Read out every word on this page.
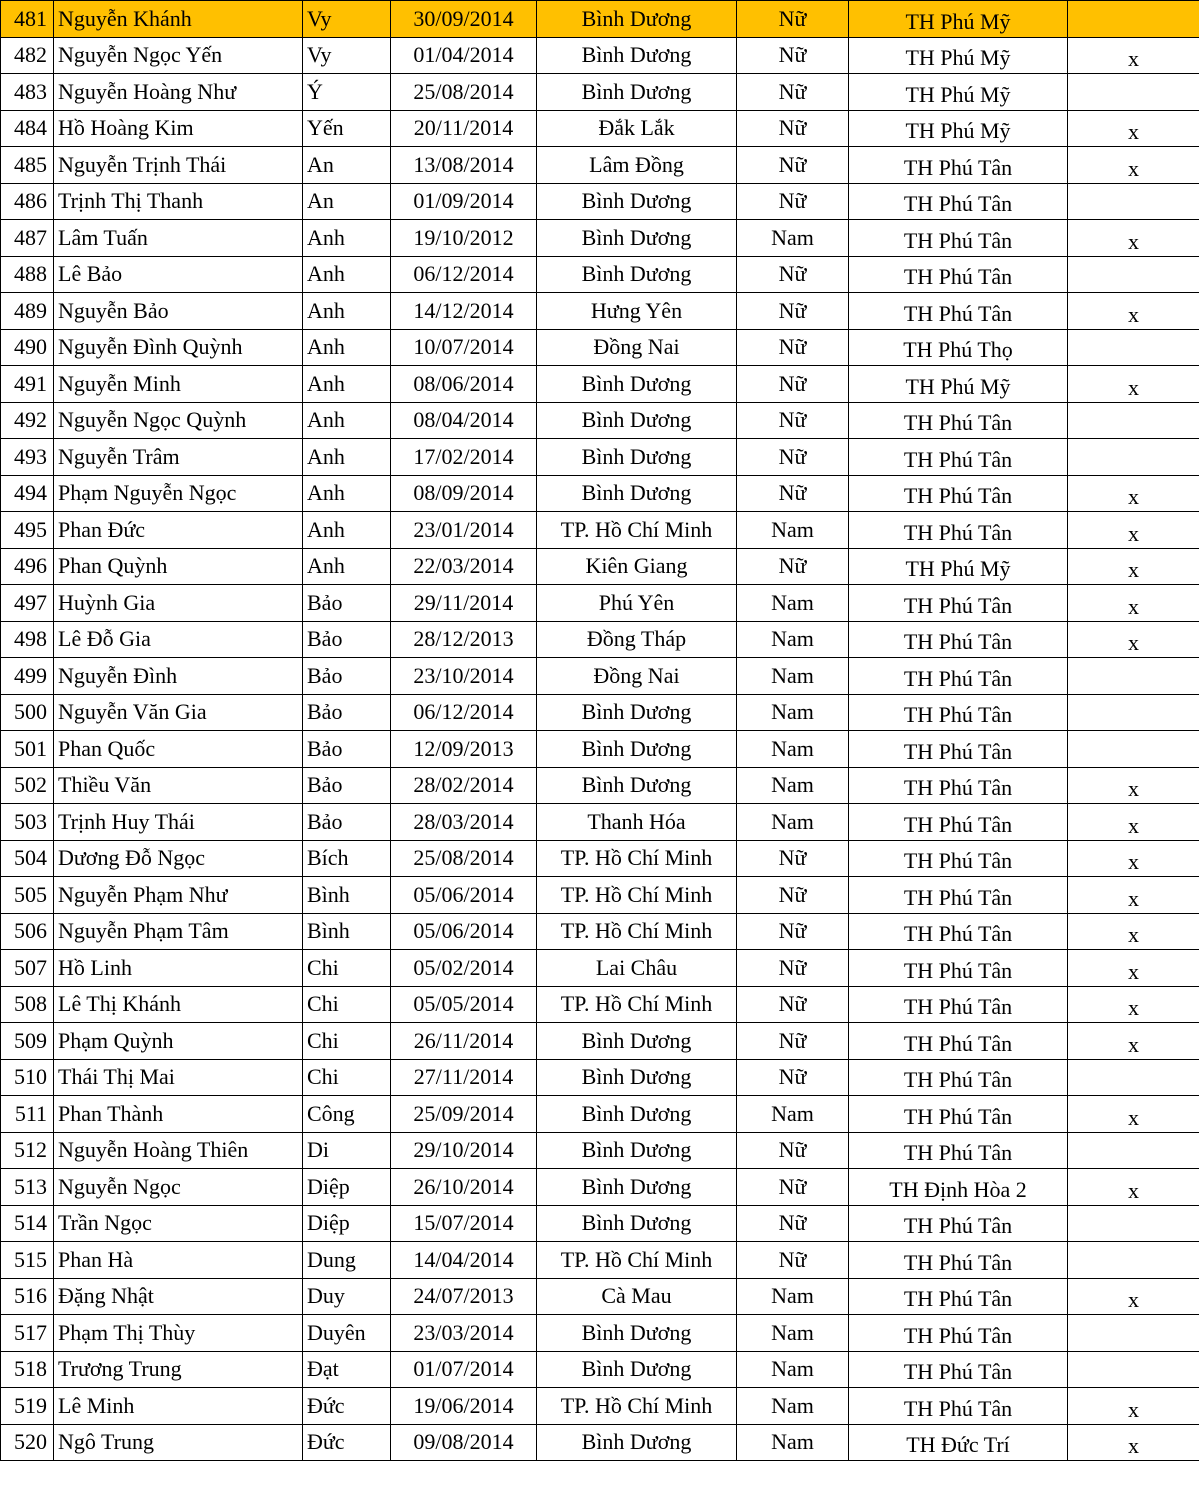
481	Nguyễn Khánh	Vy	30/09/2014	Bình Dương	Nữ	TH Phú Mỹ	
482	Nguyễn Ngọc Yến	Vy	01/04/2014	Bình Dương	Nữ	TH Phú Mỹ	x
483	Nguyễn Hoàng Như	Ý	25/08/2014	Bình Dương	Nữ	TH Phú Mỹ	
484	Hồ Hoàng Kim	Yến	20/11/2014	Đắk Lắk	Nữ	TH Phú Mỹ	x
485	Nguyễn Trịnh Thái	An	13/08/2014	Lâm Đồng	Nữ	TH Phú Tân	x
486	Trịnh Thị Thanh	An	01/09/2014	Bình Dương	Nữ	TH Phú Tân	
487	Lâm Tuấn	Anh	19/10/2012	Bình Dương	Nam	TH Phú Tân	x
488	Lê Bảo	Anh	06/12/2014	Bình Dương	Nữ	TH Phú Tân	
489	Nguyễn Bảo	Anh	14/12/2014	Hưng Yên	Nữ	TH Phú Tân	x
490	Nguyễn Đình Quỳnh	Anh	10/07/2014	Đồng Nai	Nữ	TH Phú Thọ	
491	Nguyễn Minh	Anh	08/06/2014	Bình Dương	Nữ	TH Phú Mỹ	x
492	Nguyễn Ngọc Quỳnh	Anh	08/04/2014	Bình Dương	Nữ	TH Phú Tân	
493	Nguyễn Trâm	Anh	17/02/2014	Bình Dương	Nữ	TH Phú Tân	
494	Phạm Nguyễn Ngọc	Anh	08/09/2014	Bình Dương	Nữ	TH Phú Tân	x
495	Phan Đức	Anh	23/01/2014	TP. Hồ Chí Minh	Nam	TH Phú Tân	x
496	Phan Quỳnh	Anh	22/03/2014	Kiên Giang	Nữ	TH Phú Mỹ	x
497	Huỳnh Gia	Bảo	29/11/2014	Phú Yên	Nam	TH Phú Tân	x
498	Lê Đỗ Gia	Bảo	28/12/2013	Đồng Tháp	Nam	TH Phú Tân	x
499	Nguyễn Đình	Bảo	23/10/2014	Đồng Nai	Nam	TH Phú Tân	
500	Nguyễn Văn Gia	Bảo	06/12/2014	Bình Dương	Nam	TH Phú Tân	
501	Phan Quốc	Bảo	12/09/2013	Bình Dương	Nam	TH Phú Tân	
502	Thiều Văn	Bảo	28/02/2014	Bình Dương	Nam	TH Phú Tân	x
503	Trịnh Huy Thái	Bảo	28/03/2014	Thanh Hóa	Nam	TH Phú Tân	x
504	Dương Đỗ Ngọc	Bích	25/08/2014	TP. Hồ Chí Minh	Nữ	TH Phú Tân	x
505	Nguyễn Phạm Như	Bình	05/06/2014	TP. Hồ Chí Minh	Nữ	TH Phú Tân	x
506	Nguyễn Phạm Tâm	Bình	05/06/2014	TP. Hồ Chí Minh	Nữ	TH Phú Tân	x
507	Hồ Linh	Chi	05/02/2014	Lai Châu	Nữ	TH Phú Tân	x
508	Lê Thị Khánh	Chi	05/05/2014	TP. Hồ Chí Minh	Nữ	TH Phú Tân	x
509	Phạm Quỳnh	Chi	26/11/2014	Bình Dương	Nữ	TH Phú Tân	x
510	Thái Thị Mai	Chi	27/11/2014	Bình Dương	Nữ	TH Phú Tân	
511	Phan Thành	Công	25/09/2014	Bình Dương	Nam	TH Phú Tân	x
512	Nguyễn Hoàng Thiên	Di	29/10/2014	Bình Dương	Nữ	TH Phú Tân	
513	Nguyễn Ngọc	Diệp	26/10/2014	Bình Dương	Nữ	TH Định Hòa 2	x
514	Trần Ngọc	Diệp	15/07/2014	Bình Dương	Nữ	TH Phú Tân	
515	Phan Hà	Dung	14/04/2014	TP. Hồ Chí Minh	Nữ	TH Phú Tân	
516	Đặng Nhật	Duy	24/07/2013	Cà Mau	Nam	TH Phú Tân	x
517	Phạm Thị Thùy	Duyên	23/03/2014	Bình Dương	Nam	TH Phú Tân	
518	Trương Trung	Đạt	01/07/2014	Bình Dương	Nam	TH Phú Tân	
519	Lê Minh	Đức	19/06/2014	TP. Hồ Chí Minh	Nam	TH Phú Tân	x
520	Ngô Trung	Đức	09/08/2014	Bình Dương	Nam	TH Đức Trí	x
